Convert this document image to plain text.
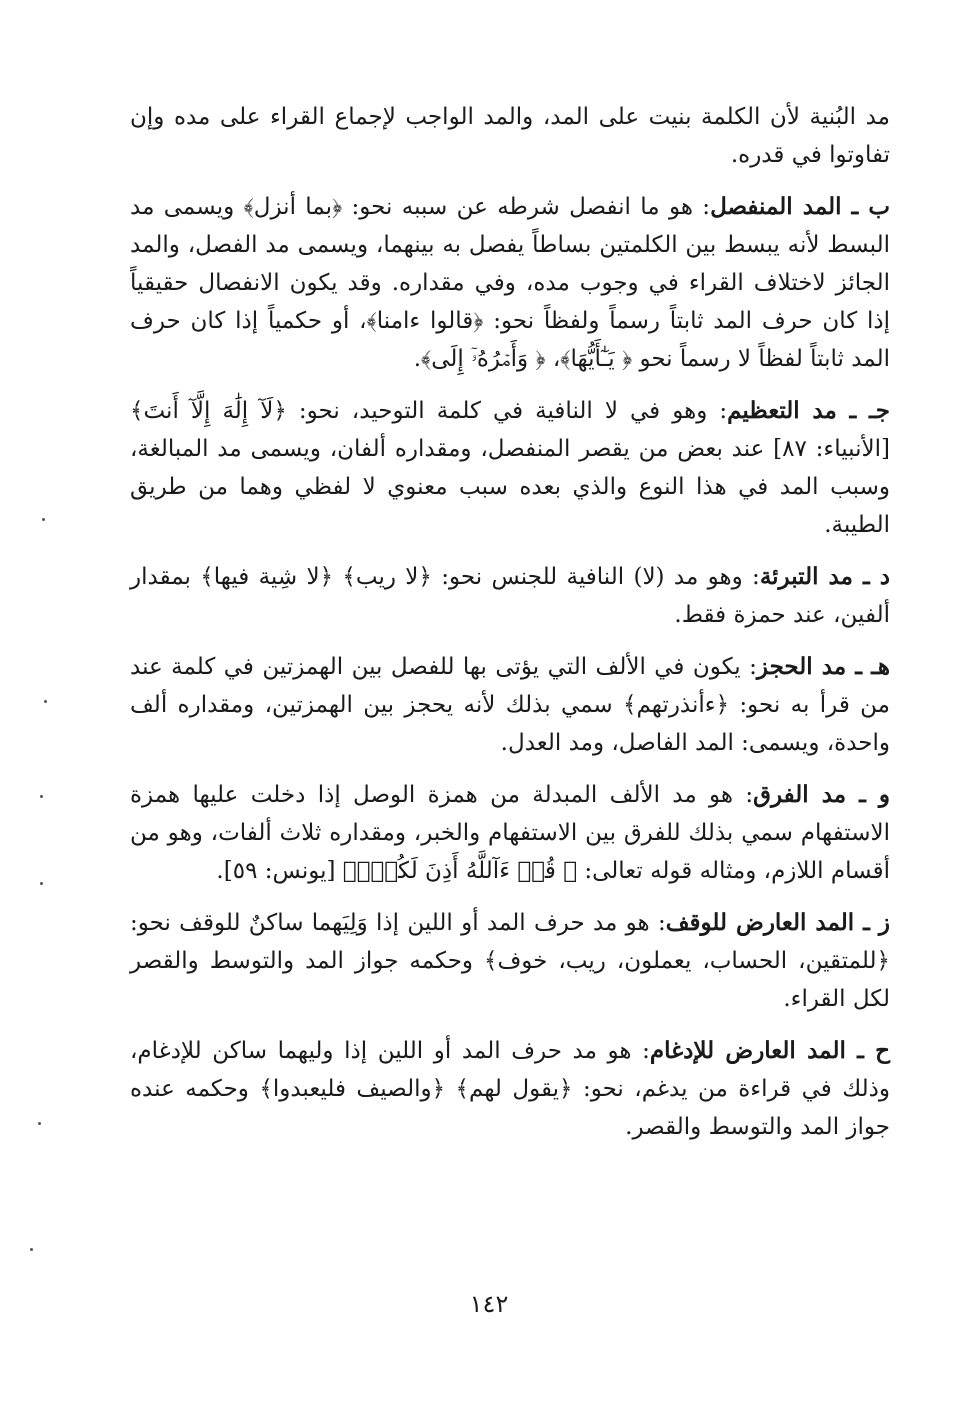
مد البُنية لأن الكلمة بنيت على المد، والمد الواجب لإجماع القراء على مده وإن تفاوتوا في قدره.

ب ـ المد المنفصل: هو ما انفصل شرطه عن سببه نحو: ﴿بما أنزل﴾ ويسمى مد البسط لأنه يبسط بين الكلمتين بساطاً يفصل به بينهما، ويسمى مد الفصل، والمد الجائز لاختلاف القراء في وجوب مده، وفي مقداره. وقد يكون الانفصال حقيقياً إذا كان حرف المد ثابتاً رسماً ولفظاً نحو: ﴿قالوا ءامنا﴾، أو حكمياً إذا كان حرف المد ثابتاً لفظاً لا رسماً نحو ﴿ يَـٰٓأَيُّهَا﴾، ﴿ وَأَمۡرُهُۥٓ إِلَى﴾.

جـ ـ مد التعظيم: وهو في لا النافية في كلمة التوحيد، نحو: ﴿لَآ إِلَٰهَ إِلَّآ أَنتَ﴾ [الأنبياء: ٨٧] عند بعض من يقصر المنفصل، ومقداره ألفان، ويسمى مد المبالغة، وسبب المد في هذا النوع والذي بعده سبب معنوي لا لفظي وهما من طريق الطيبة.

د ـ مد التبرئة: وهو مد (لا) النافية للجنس نحو: ﴿لا ريب﴾ ﴿لا شِية فيها﴾ بمقدار ألفين، عند حمزة فقط.

هـ ـ مد الحجز: يكون في الألف التي يؤتى بها للفصل بين الهمزتين في كلمة عند من قرأ به نحو: ﴿ءأنذرتهم﴾ سمي بذلك لأنه يحجز بين الهمزتين، ومقداره ألف واحدة، ويسمى: المد الفاصل، ومد العدل.

و ـ مد الفرق: هو مد الألف المبدلة من همزة الوصل إذا دخلت عليها همزة الاستفهام سمي بذلك للفرق بين الاستفهام والخبر، ومقداره ثلاث ألفات، وهو من أقسام اللازم، ومثاله قوله تعالى: ﴿ قُلۡ ءَآللَّهُ أَذِنَ لَكُمۡۖ﴾ [يونس: ٥٩].

ز ـ المد العارض للوقف: هو مد حرف المد أو اللين إذا وَلِيَهما ساكنٌ للوقف نحو: ﴿للمتقين، الحساب، يعملون، ريب، خوف﴾ وحكمه جواز المد والتوسط والقصر لكل القراء.

ح ـ المد العارض للإدغام: هو مد حرف المد أو اللين إذا وليهما ساكن للإدغام، وذلك في قراءة من يدغم، نحو: ﴿يقول لهم﴾ ﴿والصيف فليعبدوا﴾ وحكمه عنده جواز المد والتوسط والقصر.

١٤٢
